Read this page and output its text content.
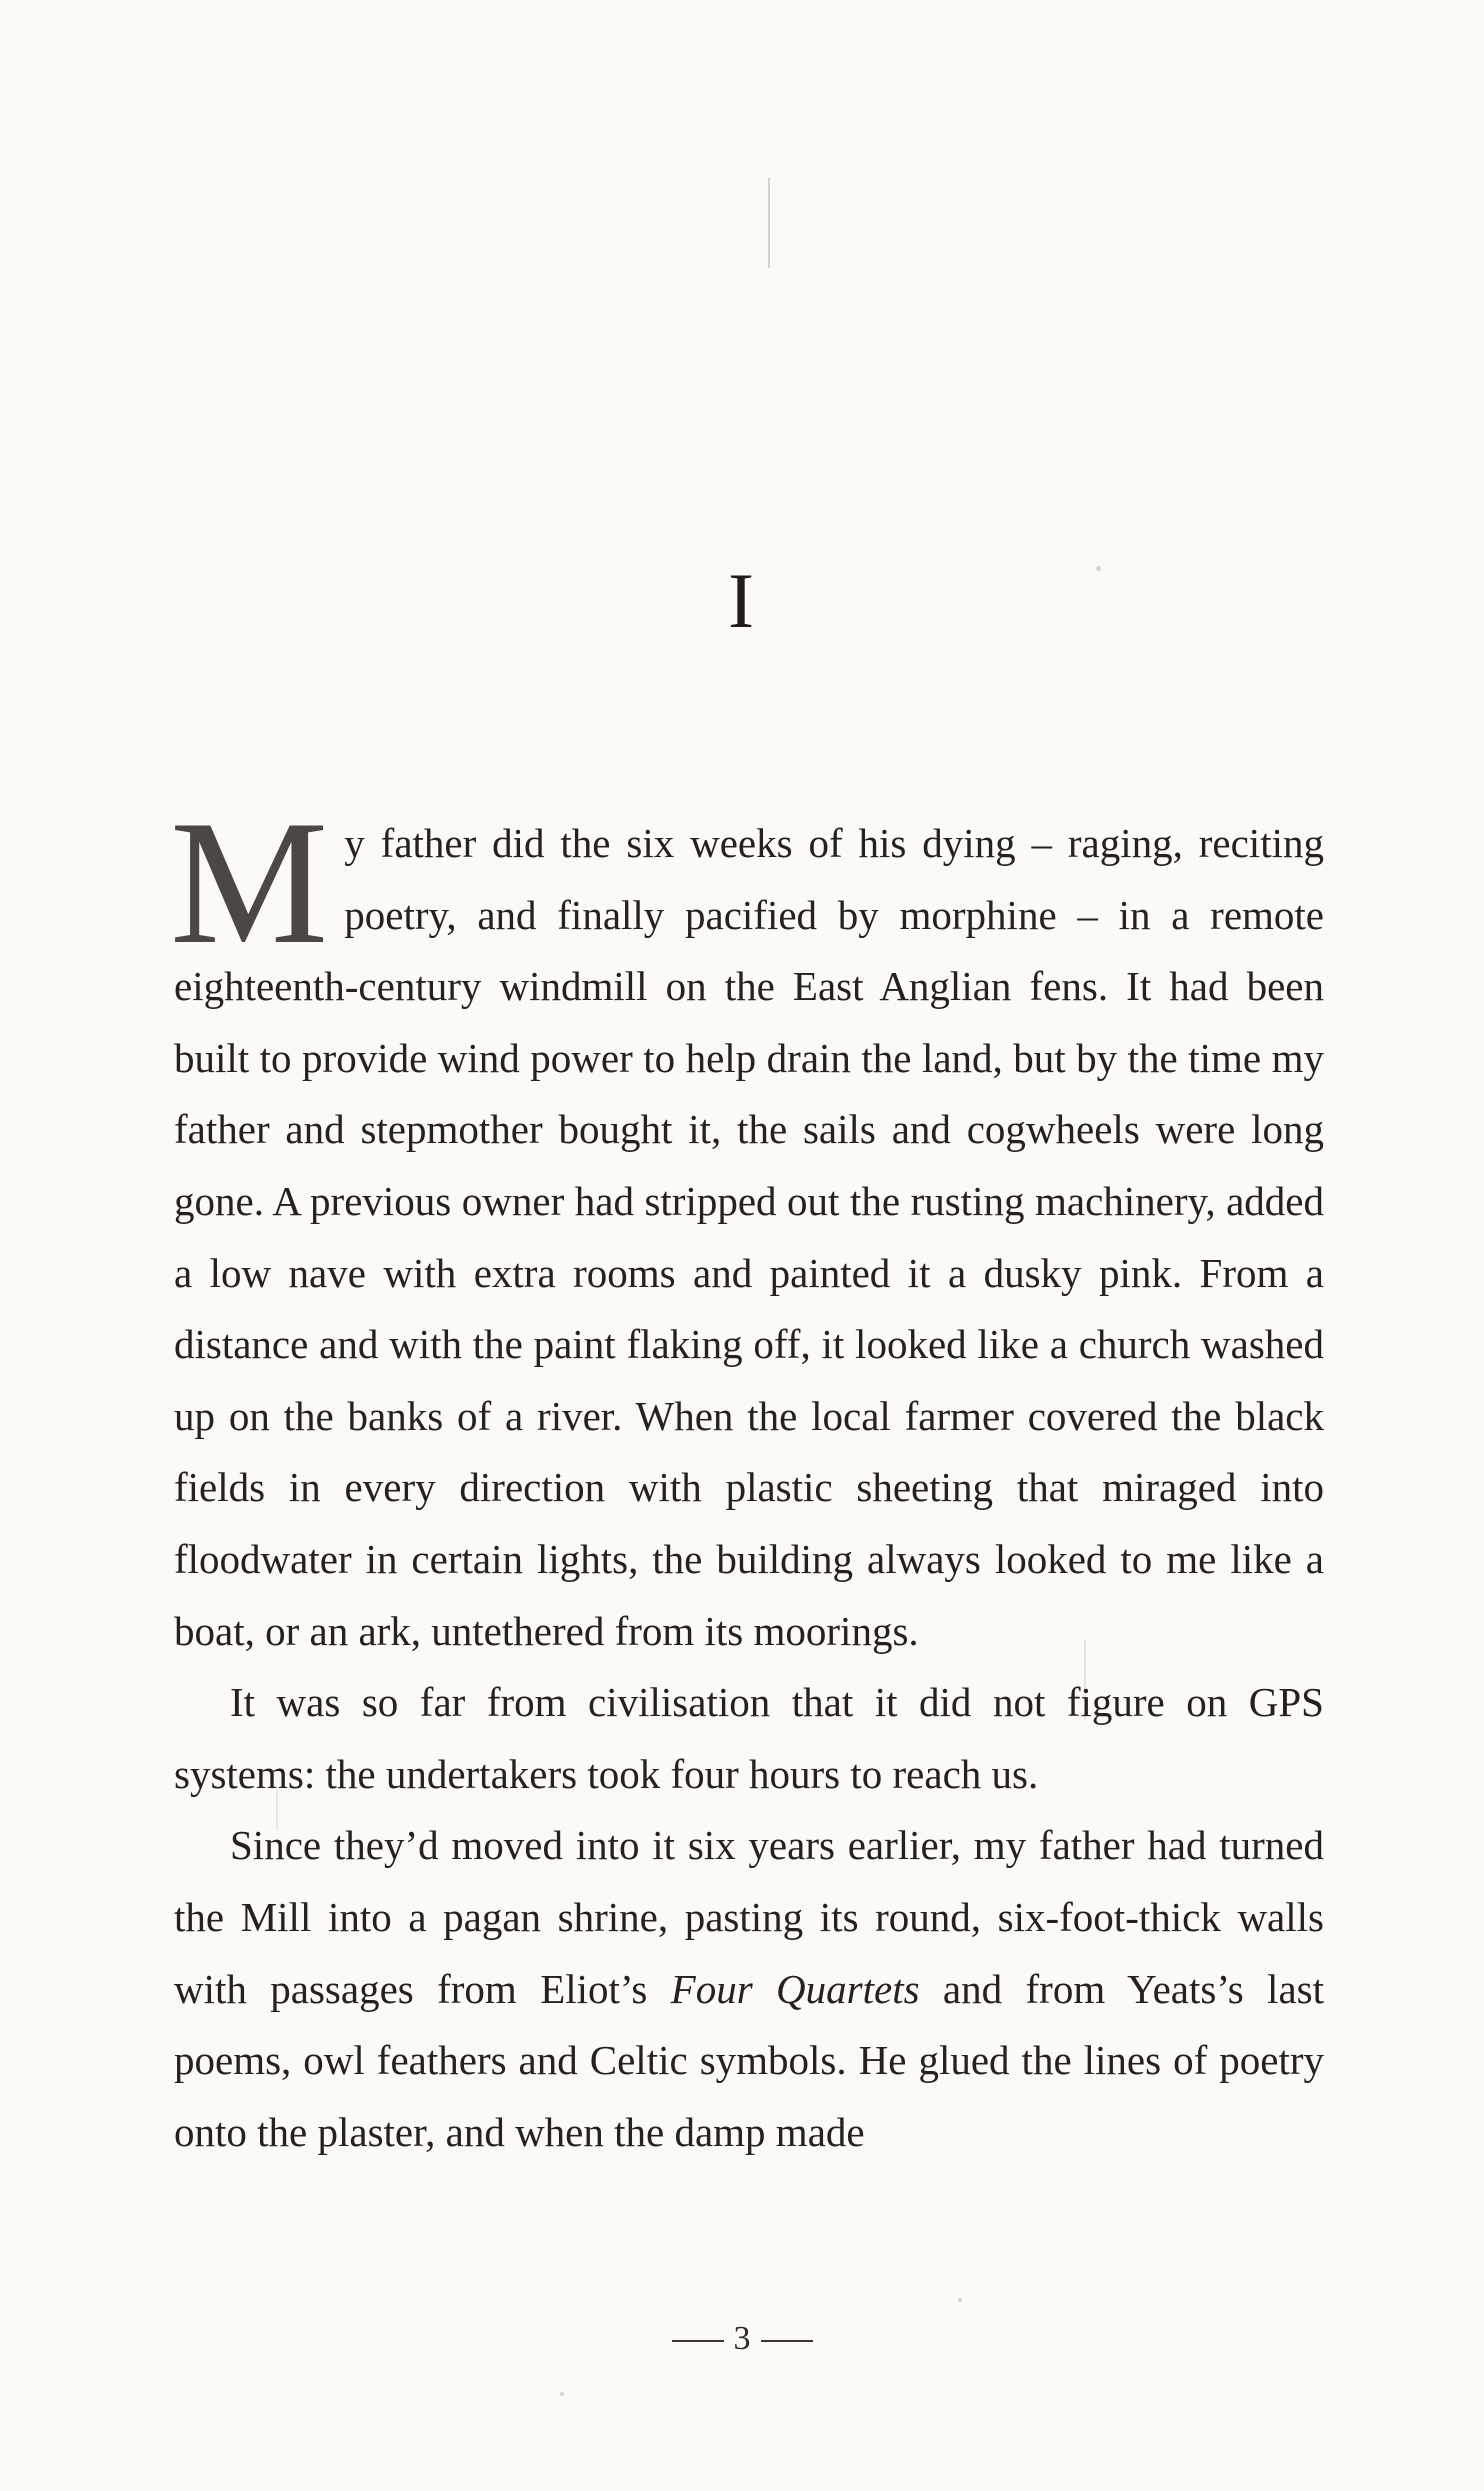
I

My father did the six weeks of his dying – raging, reciting poetry, and finally pacified by morphine – in a remote eighteenth-century windmill on the East Anglian fens. It had been built to provide wind power to help drain the land, but by the time my father and stepmother bought it, the sails and cogwheels were long gone. A previous owner had stripped out the rusting machinery, added a low nave with extra rooms and painted it a dusky pink. From a distance and with the paint flaking off, it looked like a church washed up on the banks of a river. When the local farmer covered the black fields in every direction with plastic sheeting that miraged into floodwater in certain lights, the building always looked to me like a boat, or an ark, untethered from its moorings.

It was so far from civilisation that it did not figure on GPS systems: the undertakers took four hours to reach us.

Since they’d moved into it six years earlier, my father had turned the Mill into a pagan shrine, pasting its round, six-foot-thick walls with passages from Eliot’s Four Quartets and from Yeats’s last poems, owl feathers and Celtic symbols. He glued the lines of poetry onto the plaster, and when the damp made

3
